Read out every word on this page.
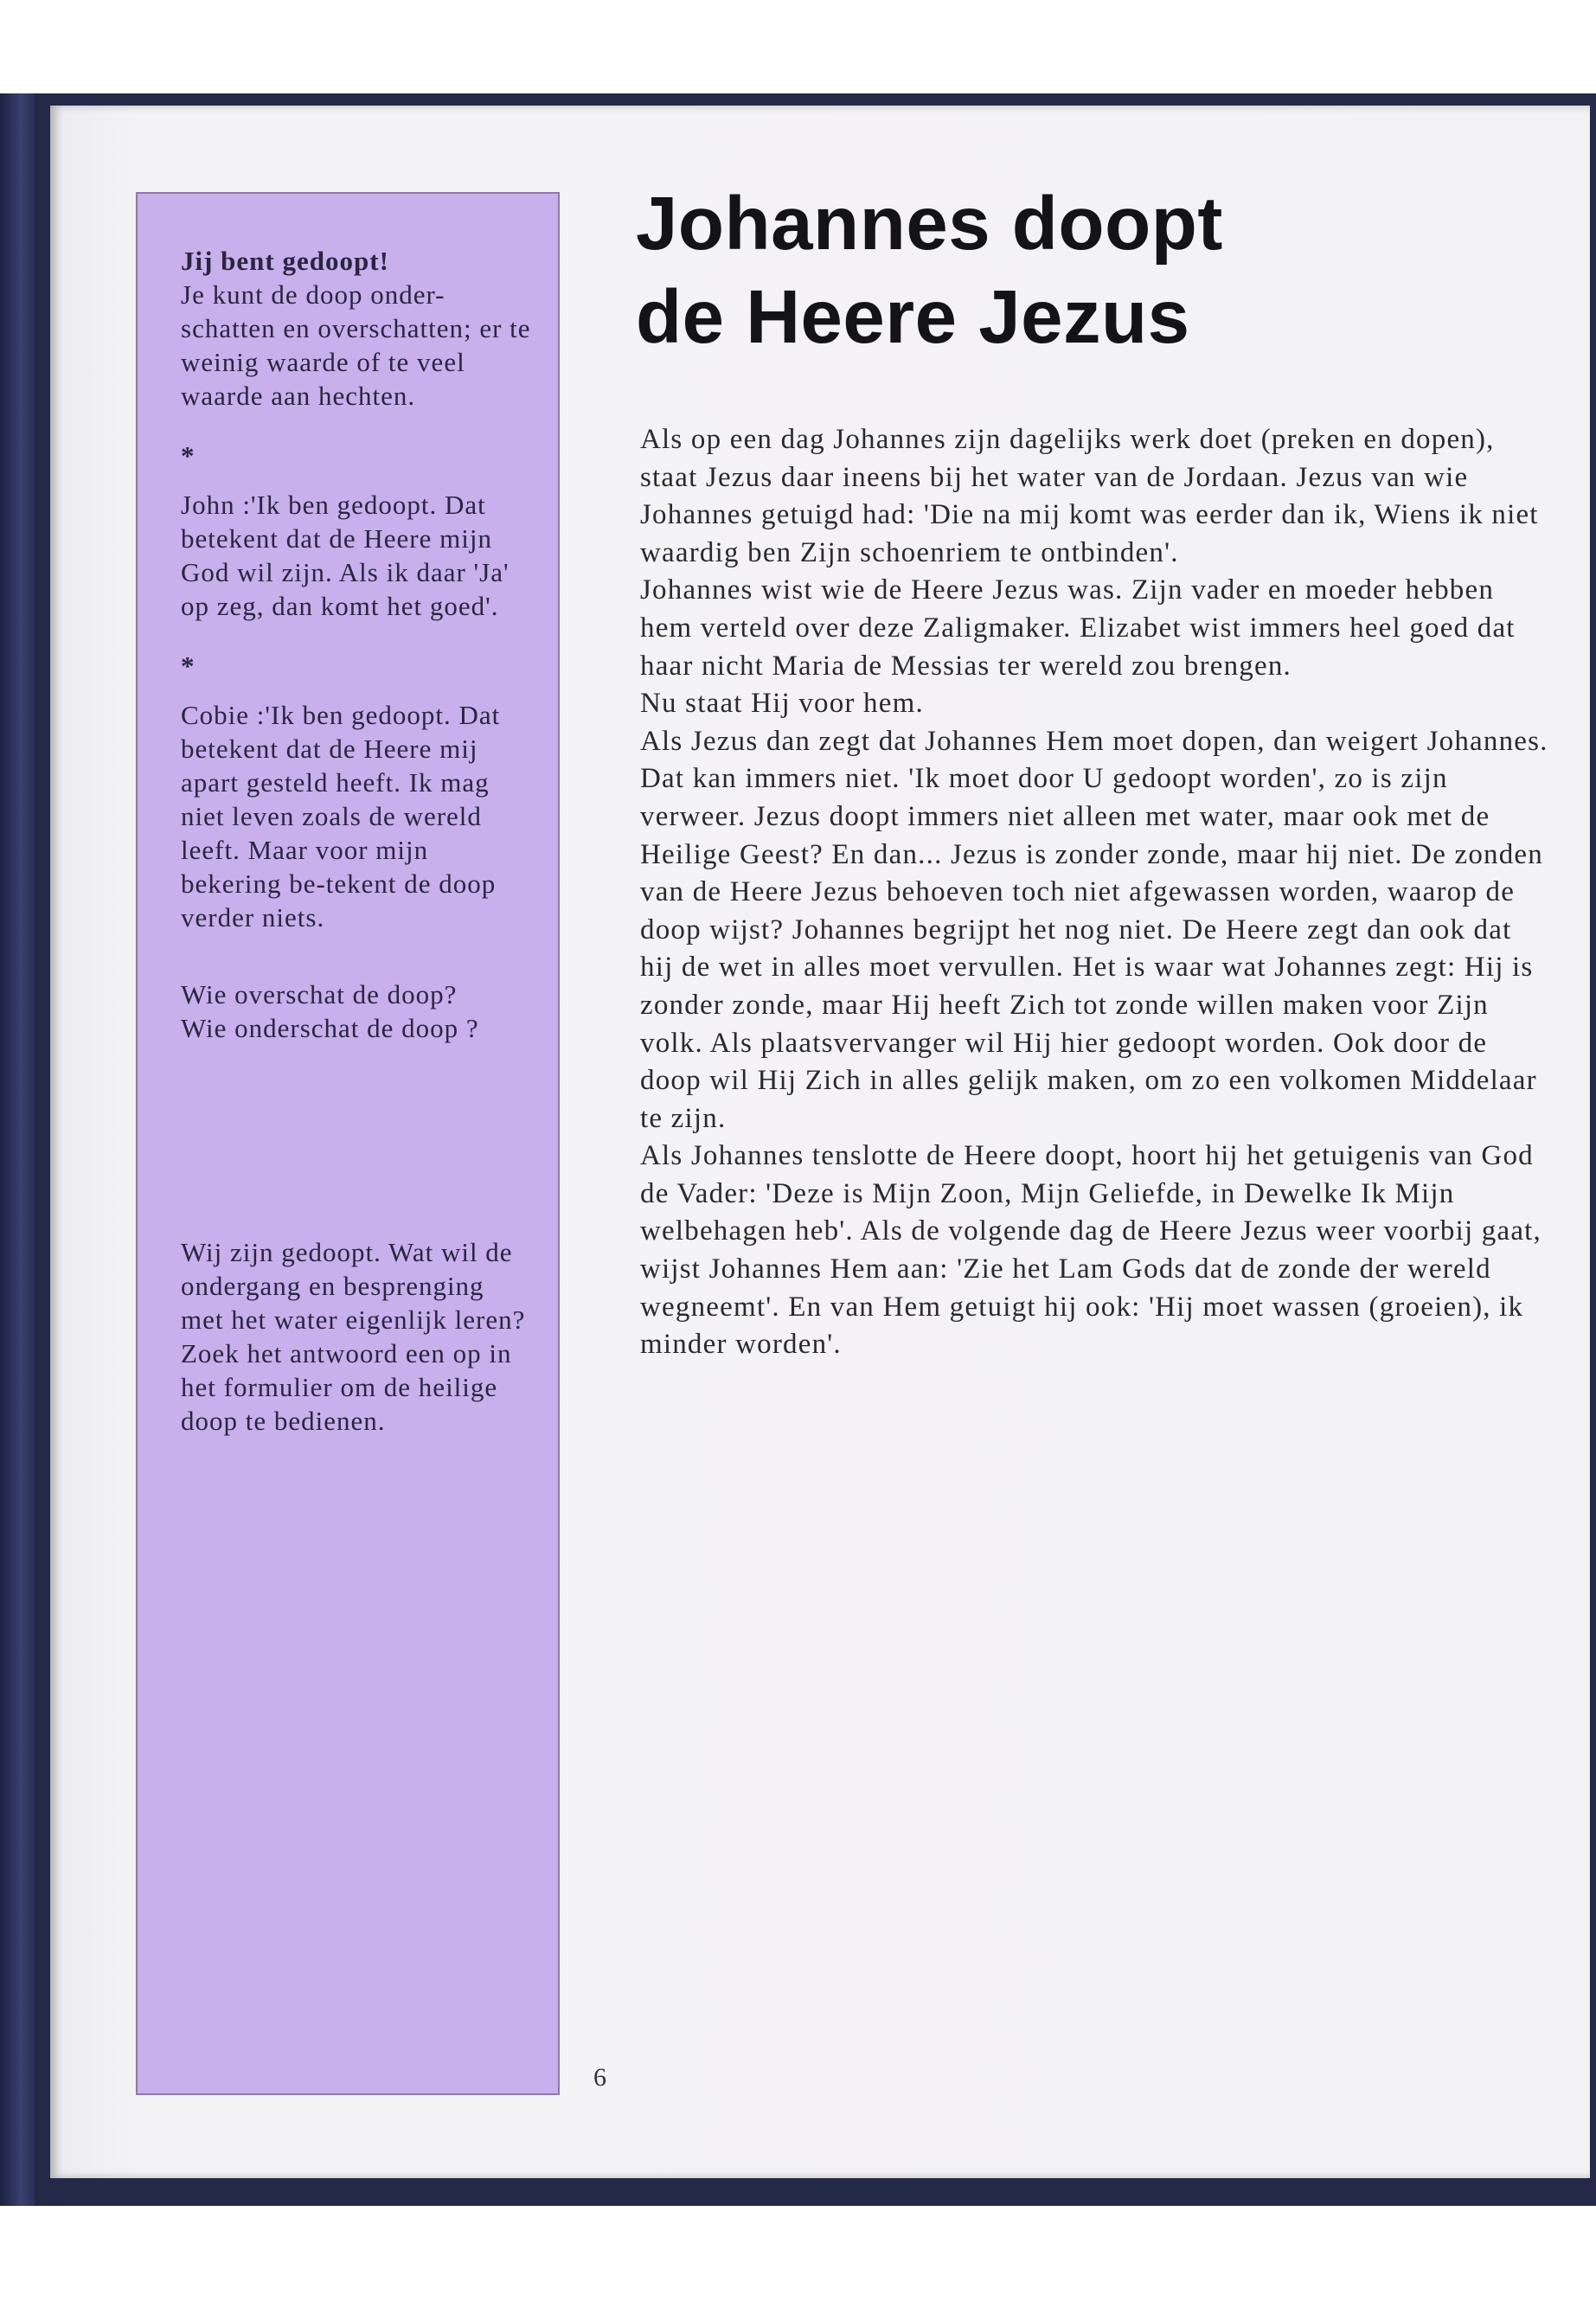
Jij bent gedoopt!

Je kunt de doop onder-schatten en overschatten; er te weinig waarde of te veel waarde aan hechten.

*

John :'Ik ben gedoopt. Dat betekent dat de Heere mijn God wil zijn. Als ik daar 'Ja' op zeg, dan komt het goed'.

*

Cobie :'Ik ben gedoopt. Dat betekent dat de Heere mij apart gesteld heeft. Ik mag niet leven zoals de wereld leeft. Maar voor mijn bekering be-tekent de doop verder niets.

Wie overschat de doop?

Wie onderschat de doop ?

Wij zijn gedoopt. Wat wil de ondergang en besprenging met het water eigenlijk leren? Zoek het antwoord een op in het formulier om de heilige doop te bedienen.

Johannes doopt
de Heere Jezus

Als op een dag Johannes zijn dagelijks werk doet (preken en dopen), staat Jezus daar ineens bij het water van de Jordaan. Jezus van wie Johannes getuigd had: 'Die na mij komt was eerder dan ik, Wiens ik niet waardig ben Zijn schoenriem te ontbinden'.

Johannes wist wie de Heere Jezus was. Zijn vader en moeder hebben hem verteld over deze Zaligmaker. Elizabet wist immers heel goed dat haar nicht Maria de Messias ter wereld zou brengen.

Nu staat Hij voor hem.

Als Jezus dan zegt dat Johannes Hem moet dopen, dan weigert Johannes. Dat kan immers niet. 'Ik moet door U gedoopt worden', zo is zijn verweer. Jezus doopt immers niet alleen met water, maar ook met de Heilige Geest? En dan... Jezus is zonder zonde, maar hij niet. De zonden van de Heere Jezus behoeven toch niet afgewassen worden, waarop de doop wijst? Johannes begrijpt het nog niet. De Heere zegt dan ook dat hij de wet in alles moet vervullen. Het is waar wat Johannes zegt: Hij is zonder zonde, maar Hij heeft Zich tot zonde willen maken voor Zijn volk. Als plaatsvervanger wil Hij hier gedoopt worden. Ook door de doop wil Hij Zich in alles gelijk maken, om zo een volkomen Middelaar te zijn.

Als Johannes tenslotte de Heere doopt, hoort hij het getuigenis van God de Vader: 'Deze is Mijn Zoon, Mijn Geliefde, in Dewelke Ik Mijn welbehagen heb'. Als de volgende dag de Heere Jezus weer voorbij gaat, wijst Johannes Hem aan: 'Zie het Lam Gods dat de zonde der wereld wegneemt'. En van Hem getuigt hij ook: 'Hij moet wassen (groeien), ik minder worden'.

6
